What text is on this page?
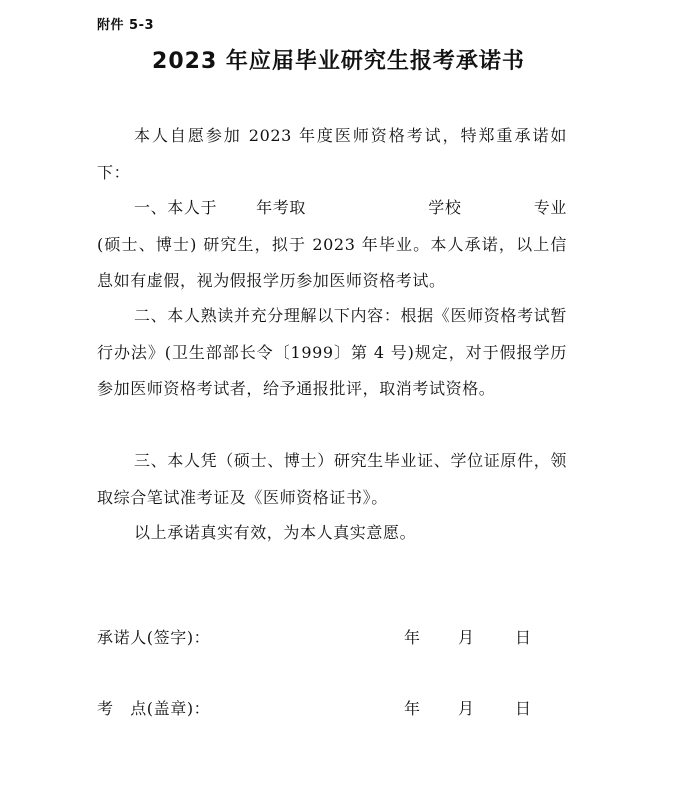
附件 5-3
2023 年应届毕业研究生报考承诺书

本人自愿参加 2023 年度医师资格考试，特郑重承诺如下：

一、本人于　　 年考取　　　　　　　 学校　　　　 专业(硕士、博士) 研究生，拟于 2023 年毕业。本人承诺，以上信息如有虚假，视为假报学历参加医师资格考试。

二、本人熟读并充分理解以下内容：根据《医师资格考试暂行办法》(卫生部部长令〔1999〕第 4 号)规定，对于假报学历参加医师资格考试者，给予通报批评，取消考试资格。

三、本人凭（硕士、博士）研究生毕业证、学位证原件，领取综合笔试准考证及《医师资格证书》。

以上承诺真实有效，为本人真实意愿。

承诺人(签字)：	年 月	日
考　点(盖章)：	年 月	日
